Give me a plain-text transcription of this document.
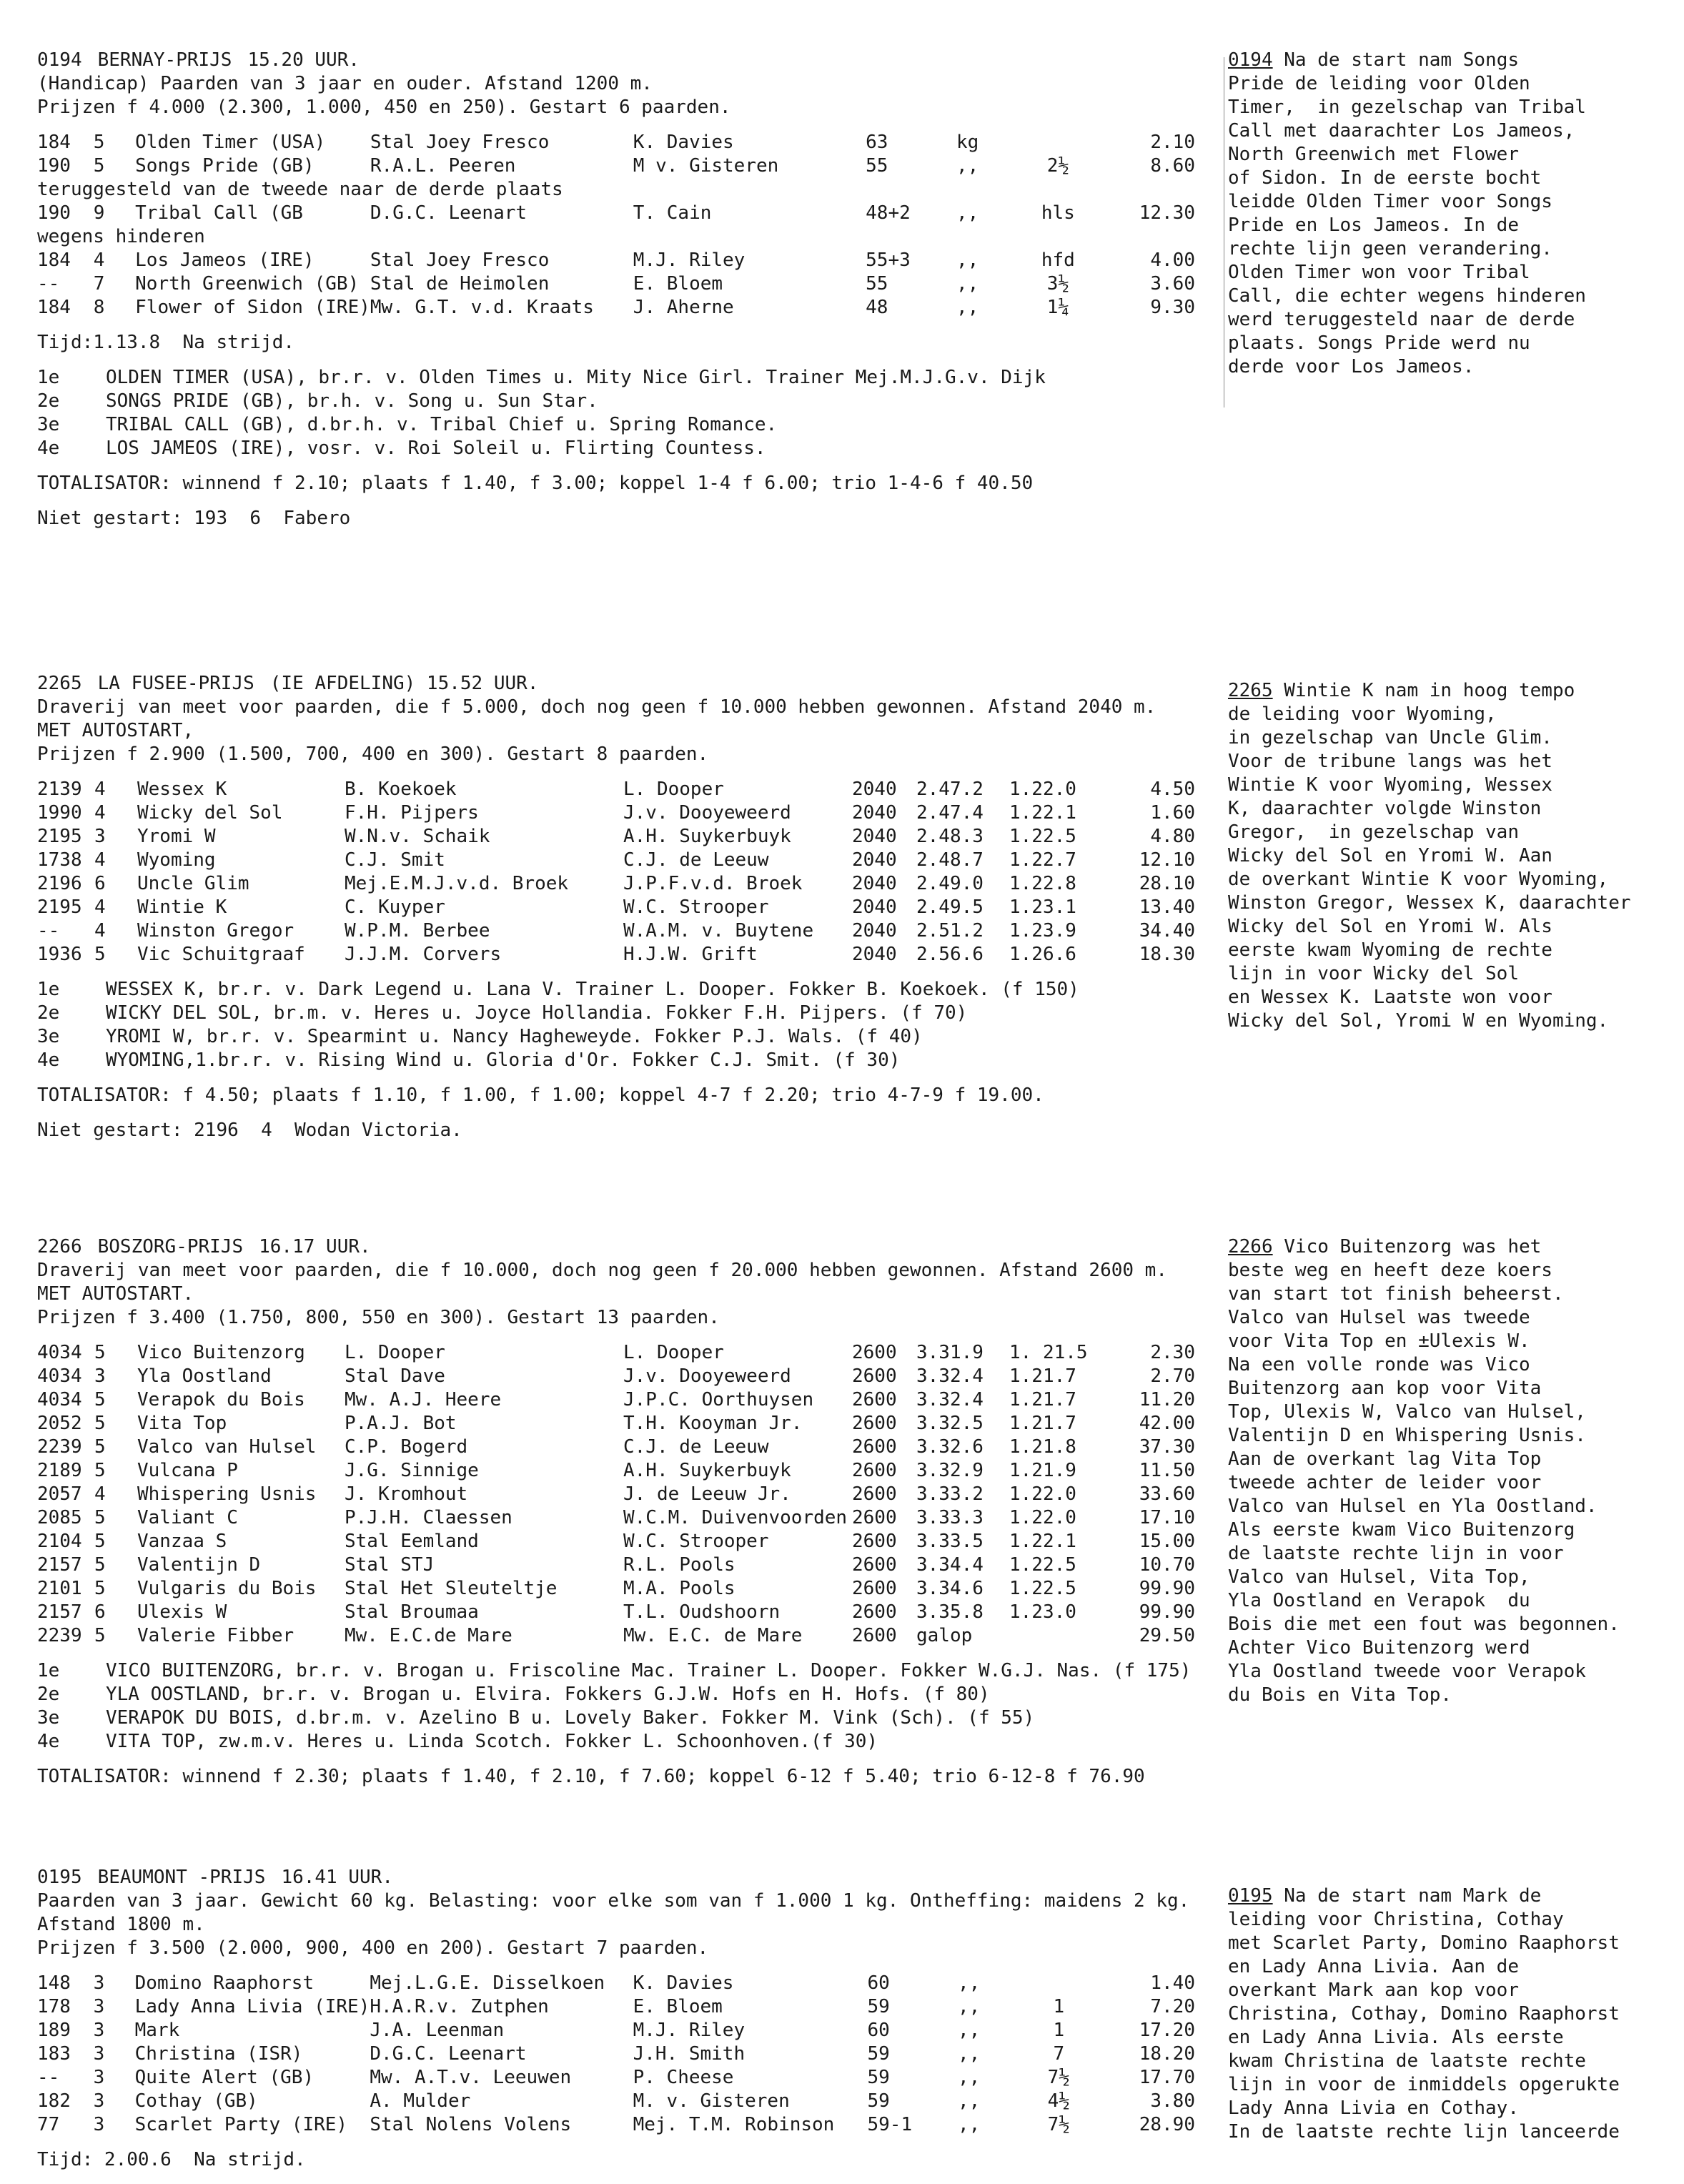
0194 BERNAY-PRIJS 15.20 UUR.
(Handicap) Paarden van 3 jaar en ouder. Afstand 1200 m.
Prijzen f 4.000 (2.300, 1.000, 450 en 250). Gestart 6 paarden.
184	5	Olden Timer (USA)	Stal Joey Fresco	K. Davies	63	kg		2.10
190	5	Songs Pride (GB)	R.A.L. Peeren	M v. Gisteren	55	,,	2½	8.60
teruggesteld van de tweede naar de derde plaats								
190	9	Tribal Call (GB	D.G.C. Leenart	T. Cain	48+2	,,	hls	12.30
wegens hinderen								
184	4	Los Jameos (IRE)	Stal Joey Fresco	M.J. Riley	55+3	,,	hfd	4.00
--	7	North Greenwich (GB)	Stal de Heimolen	E. Bloem	55	,,	3½	3.60
184	8	Flower of Sidon (IRE)	Mw. G.T. v.d. Kraats	J. Aherne	48	,,	1¼	9.30
Tijd:1.13.8  Na strijd.
1e	OLDEN TIMER (USA), br.r. v. Olden Times u. Mity Nice Girl. Trainer Mej.M.J.G.v. Dijk
2e	SONGS PRIDE (GB), br.h. v. Song u. Sun Star.
3e	TRIBAL CALL (GB), d.br.h. v. Tribal Chief u. Spring Romance.
4e	LOS JAMEOS (IRE), vosr. v. Roi Soleil u. Flirting Countess.
TOTALISATOR: winnend f 2.10; plaats f 1.40, f 3.00; koppel 1-4 f 6.00; trio 1-4-6 f 40.50
Niet gestart: 193  6  Fabero
0194 Na de start nam Songs
Pride de leiding voor Olden
Timer,  in gezelschap van Tribal
Call met daarachter Los Jameos,
North Greenwich met Flower
of Sidon. In de eerste bocht
leidde Olden Timer voor Songs
Pride en Los Jameos. In de
rechte lijn geen verandering.
Olden Timer won voor Tribal
Call, die echter wegens hinderen
werd teruggesteld naar de derde
plaats. Songs Pride werd nu
derde voor Los Jameos.
2265 LA FUSEE-PRIJS (IE AFDELING) 15.52 UUR.
Draverij van meet voor paarden, die f 5.000, doch nog geen f 10.000 hebben gewonnen. Afstand 2040 m.
MET AUTOSTART,
Prijzen f 2.900 (1.500, 700, 400 en 300). Gestart 8 paarden.
2139	4	Wessex K	B. Koekoek	L. Dooper	2040	2.47.2	1.22.0	4.50
1990	4	Wicky del Sol	F.H. Pijpers	J.v. Dooyeweerd	2040	2.47.4	1.22.1	1.60
2195	3	Yromi W	W.N.v. Schaik	A.H. Suykerbuyk	2040	2.48.3	1.22.5	4.80
1738	4	Wyoming	C.J. Smit	C.J. de Leeuw	2040	2.48.7	1.22.7	12.10
2196	6	Uncle Glim	Mej.E.M.J.v.d. Broek	J.P.F.v.d. Broek	2040	2.49.0	1.22.8	28.10
2195	4	Wintie K	C. Kuyper	W.C. Strooper	2040	2.49.5	1.23.1	13.40
--	4	Winston Gregor	W.P.M. Berbee	W.A.M. v. Buytene	2040	2.51.2	1.23.9	34.40
1936	5	Vic Schuitgraaf	J.J.M. Corvers	H.J.W. Grift	2040	2.56.6	1.26.6	18.30
1e	WESSEX K, br.r. v. Dark Legend u. Lana V. Trainer L. Dooper. Fokker B. Koekoek. (f 150)
2e	WICKY DEL SOL, br.m. v. Heres u. Joyce Hollandia. Fokker F.H. Pijpers. (f 70)
3e	YROMI W, br.r. v. Spearmint u. Nancy Hagheweyde. Fokker P.J. Wals. (f 40)
4e	WYOMING,1.br.r. v. Rising Wind u. Gloria d'Or. Fokker C.J. Smit. (f 30)
TOTALISATOR: f 4.50; plaats f 1.10, f 1.00, f 1.00; koppel 4-7 f 2.20; trio 4-7-9 f 19.00.
Niet gestart: 2196  4  Wodan Victoria.
2265 Wintie K nam in hoog tempo
de leiding voor Wyoming,
in gezelschap van Uncle Glim.
Voor de tribune langs was het
Wintie K voor Wyoming, Wessex
K, daarachter volgde Winston
Gregor,  in gezelschap van
Wicky del Sol en Yromi W. Aan
de overkant Wintie K voor Wyoming,
Winston Gregor, Wessex K, daarachter
Wicky del Sol en Yromi W. Als
eerste kwam Wyoming de rechte
lijn in voor Wicky del Sol
en Wessex K. Laatste won voor
Wicky del Sol, Yromi W en Wyoming.
2266 BOSZORG-PRIJS 16.17 UUR.
Draverij van meet voor paarden, die f 10.000, doch nog geen f 20.000 hebben gewonnen. Afstand 2600 m.
MET AUTOSTART.
Prijzen f 3.400 (1.750, 800, 550 en 300). Gestart 13 paarden.
4034	5	Vico Buitenzorg	L. Dooper	L. Dooper	2600	3.31.9	1. 21.5	2.30
4034	3	Yla Oostland	Stal Dave	J.v. Dooyeweerd	2600	3.32.4	1.21.7	2.70
4034	5	Verapok du Bois	Mw. A.J. Heere	J.P.C. Oorthuysen	2600	3.32.4	1.21.7	11.20
2052	5	Vita Top	P.A.J. Bot	T.H. Kooyman Jr.	2600	3.32.5	1.21.7	42.00
2239	5	Valco van Hulsel	C.P. Bogerd	C.J. de Leeuw	2600	3.32.6	1.21.8	37.30
2189	5	Vulcana P	J.G. Sinnige	A.H. Suykerbuyk	2600	3.32.9	1.21.9	11.50
2057	4	Whispering Usnis	J. Kromhout	J. de Leeuw Jr.	2600	3.33.2	1.22.0	33.60
2085	5	Valiant C	P.J.H. Claessen	W.C.M. Duivenvoorden	2600	3.33.3	1.22.0	17.10
2104	5	Vanzaa S	Stal Eemland	W.C. Strooper	2600	3.33.5	1.22.1	15.00
2157	5	Valentijn D	Stal STJ	R.L. Pools	2600	3.34.4	1.22.5	10.70
2101	5	Vulgaris du Bois	Stal Het Sleuteltje	M.A. Pools	2600	3.34.6	1.22.5	99.90
2157	6	Ulexis W	Stal Broumaa	T.L. Oudshoorn	2600	3.35.8	1.23.0	99.90
2239	5	Valerie Fibber	Mw. E.C.de Mare	Mw. E.C. de Mare	2600	galop		29.50
1e	VICO BUITENZORG, br.r. v. Brogan u. Friscoline Mac. Trainer L. Dooper. Fokker W.G.J. Nas. (f 175)
2e	YLA OOSTLAND, br.r. v. Brogan u. Elvira. Fokkers G.J.W. Hofs en H. Hofs. (f 80)
3e	VERAPOK DU BOIS, d.br.m. v. Azelino B u. Lovely Baker. Fokker M. Vink (Sch). (f 55)
4e	VITA TOP, zw.m.v. Heres u. Linda Scotch. Fokker L. Schoonhoven.(f 30)
TOTALISATOR: winnend f 2.30; plaats f 1.40, f 2.10, f 7.60; koppel 6-12 f 5.40; trio 6-12-8 f 76.90
2266 Vico Buitenzorg was het
beste weg en heeft deze koers
van start tot finish beheerst.
Valco van Hulsel was tweede
voor Vita Top en ±Ulexis W.
Na een volle ronde was Vico
Buitenzorg aan kop voor Vita
Top, Ulexis W, Valco van Hulsel,
Valentijn D en Whispering Usnis.
Aan de overkant lag Vita Top
tweede achter de leider voor
Valco van Hulsel en Yla Oostland.
Als eerste kwam Vico Buitenzorg
de laatste rechte lijn in voor
Valco van Hulsel, Vita Top,
Yla Oostland en Verapok  du
Bois die met een fout was begonnen.
Achter Vico Buitenzorg werd
Yla Oostland tweede voor Verapok
du Bois en Vita Top.
0195 BEAUMONT -PRIJS 16.41 UUR.
Paarden van 3 jaar. Gewicht 60 kg. Belasting: voor elke som van f 1.000 1 kg. Ontheffing: maidens 2 kg.
Afstand 1800 m.
Prijzen f 3.500 (2.000, 900, 400 en 200). Gestart 7 paarden.
148	3	Domino Raaphorst	Mej.L.G.E. Disselkoen	K. Davies	60	,,		1.40
178	3	Lady Anna Livia (IRE)	H.A.R.v. Zutphen	E. Bloem	59	,,	1	7.20
189	3	Mark	J.A. Leenman	M.J. Riley	60	,,	1	17.20
183	3	Christina (ISR)	D.G.C. Leenart	J.H. Smith	59	,,	7	18.20
--	3	Quite Alert (GB)	Mw. A.T.v. Leeuwen	P. Cheese	59	,,	7½	17.70
182	3	Cothay (GB)	A. Mulder	M. v. Gisteren	59	,,	4½	3.80
77	3	Scarlet Party (IRE)	Stal Nolens Volens	Mej. T.M. Robinson	59-1	,,	7½	28.90
Tijd: 2.00.6  Na strijd.
0195 Na de start nam Mark de
leiding voor Christina, Cothay
met Scarlet Party, Domino Raaphorst
en Lady Anna Livia. Aan de
overkant Mark aan kop voor
Christina, Cothay, Domino Raaphorst
en Lady Anna Livia. Als eerste
kwam Christina de laatste rechte
lijn in voor de inmiddels opgerukte
Lady Anna Livia en Cothay.
In de laatste rechte lijn lanceerde
